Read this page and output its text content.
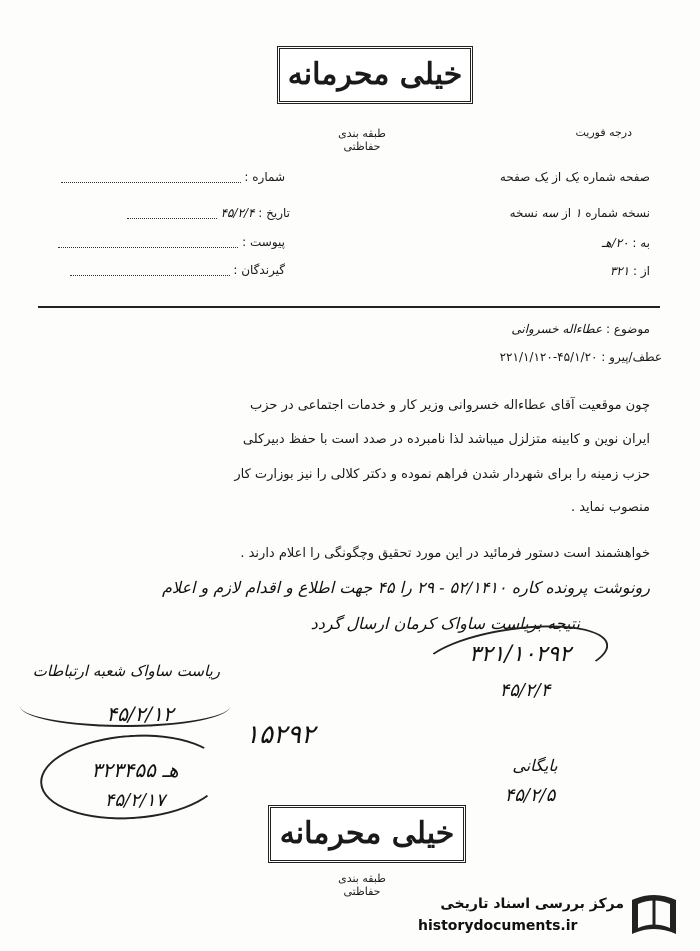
خیلی محرمانه
طبقه بندی حفاظتی
درجه فوریت
شماره :
تاریخ : ۴۵/۲/۴
پیوست :
گیرندگان :
صفحه شماره یک از یک صفحه
نسخه شماره ۱ از سه نسخه
به : ۲۰/هـ
از : ۳۲۱
موضوع : عطاءاله خسروانی
عطف/پیرو : ۴۵/۱/۲۰-۲۲۱/۱/۱۲۰
چون موقعیت آقای عطاءاله خسروانی وزیر کار و خدمات اجتماعی در حزب
ایران نوین و کابینه متزلزل میباشد لذا نامبرده در صدد است با حفظ دبیرکلی
حزب زمینه را برای شهردار شدن فراهم نموده و دکتر کلالی را نیز بوزارت کار
منصوب نماید .
خواهشمند است دستور فرمائید در این مورد تحقیق وچگونگی را اعلام دارند .
رونوشت پرونده کاره ۵۲/۱۴۱۰ - ۲۹ را ۴۵ جهت اطلاع و اقدام لازم و اعلام
نتیجه بریاست ساواک کرمان ارسال گردد
۳۲۱/۱۰۲۹۲
۴۵/۲/۴
ریاست ساواک شعبه ارتباطات
۴۵/۲/۱۲
۱۵۲۹۲
۳۲هـ ۳۴۵۵
۴۵/۲/۱۷
بایگانی
۴۵/۲/۵
خیلی محرمانه
طبقه بندی حفاظتی
مرکز بررسی اسناد تاریخی
historydocuments.ir
